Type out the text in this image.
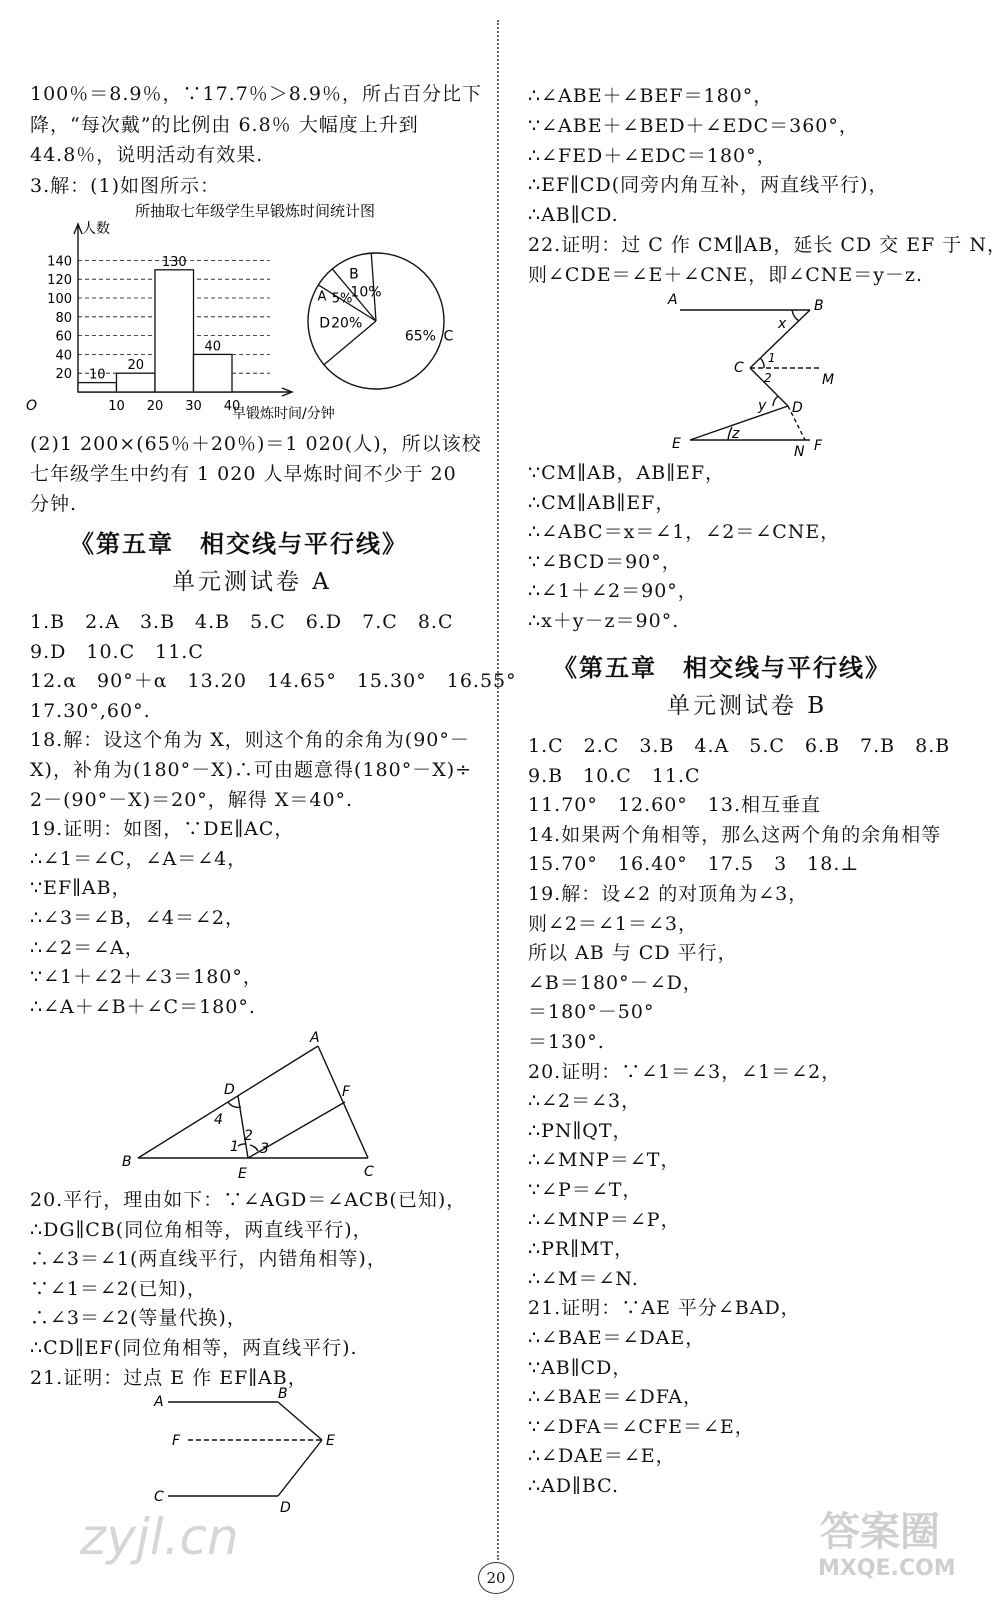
100％＝8.9％，∵17.7％＞8.9％，所占百分比下
降，“每次戴”的比例由 6.8％ 大幅度上升到
44.8％，说明活动有效果.
3.解：(1)如图所示：
所抽取七年级学生早锻炼时间统计图
人数
早锻炼时间/分钟
O
20
40
60
80
100
120
140
10 20 30 40
10
20
130
40
65% C
D 20%
A 5%
B
10%
(2)1 200×(65％＋20％)＝1 020(人)，所以该校
七年级学生中约有 1 020 人早炼时间不少于 20
分钟.
《第五章　相交线与平行线》
单元测试卷 A
1.B　2.A　3.B　4.B　5.C　6.D　7.C　8.C
9.D　10.C　11.C
12.α　90°＋α　13.20　14.65°　15.30°　16.55°
17.30°,60°.
18.解：设这个角为 X，则这个角的余角为(90°－
X)，补角为(180°－X)∴可由题意得(180°－X)÷
2－(90°－X)＝20°，解得 X＝40°.
19.证明：如图，∵DE∥AC，
∴∠1＝∠C，∠A＝∠4，
∵EF∥AB，
∴∠3＝∠B，∠4＝∠2，
∴∠2＝∠A，
∵∠1＋∠2＋∠3＝180°，
∴∠A＋∠B＋∠C＝180°.
A
B
C
D
E
F
1
2
3
4
20.平行，理由如下：∵∠AGD＝∠ACB(已知)，
∴DG∥CB(同位角相等，两直线平行)，
∴∠3＝∠1(两直线平行，内错角相等)，
∵∠1＝∠2(已知)，
∴∠3＝∠2(等量代换)，
∴CD∥EF(同位角相等，两直线平行).
21.证明：过点 E 作 EF∥AB，
A	B
F	E
C
D
∴∠ABE＋∠BEF＝180°，
∵∠ABE＋∠BED＋∠EDC＝360°，
∴∠FED＋∠EDC＝180°，
∴EF∥CD(同旁内角互补，两直线平行)，
∴AB∥CD.
22.证明：过 C 作 CM∥AB，延长 CD 交 EF 于 N，
则∠CDE＝∠E＋∠CNE，即∠CNE＝y－z.
A	B
C
M
D
E	F
N
x
y
z
1
2
∵CM∥AB，AB∥EF，
∴CM∥AB∥EF，
∴∠ABC＝x＝∠1，∠2＝∠CNE，
∵∠BCD＝90°，
∴∠1＋∠2＝90°，
∴x＋y－z＝90°.
《第五章　相交线与平行线》
单元测试卷 B
1.C　2.C　3.B　4.A　5.C　6.B　7.B　8.B
9.B　10.C　11.C
11.70°　12.60°　13.相互垂直
14.如果两个角相等，那么这两个角的余角相等
15.70°　16.40°　17.5　3　18.⊥
19.解：设∠2 的对顶角为∠3，
则∠2＝∠1＝∠3，
所以 AB 与 CD 平行，
∠B＝180°－∠D，
＝180°－50°
＝130°.
20.证明：∵∠1＝∠3，∠1＝∠2，
∴∠2＝∠3，
∴PN∥QT，
∴∠MNP＝∠T，
∵∠P＝∠T，
∴∠MNP＝∠P，
∴PR∥MT，
∴∠M＝∠N.
21.证明：∵AE 平分∠BAD，
∴∠BAE＝∠DAE，
∵AB∥CD，
∴∠BAE＝∠DFA，
∵∠DFA＝∠CFE＝∠E，
∴∠DAE＝∠E，
∴AD∥BC.
20
zyjl.cn	答案圈
MXQE.COM
